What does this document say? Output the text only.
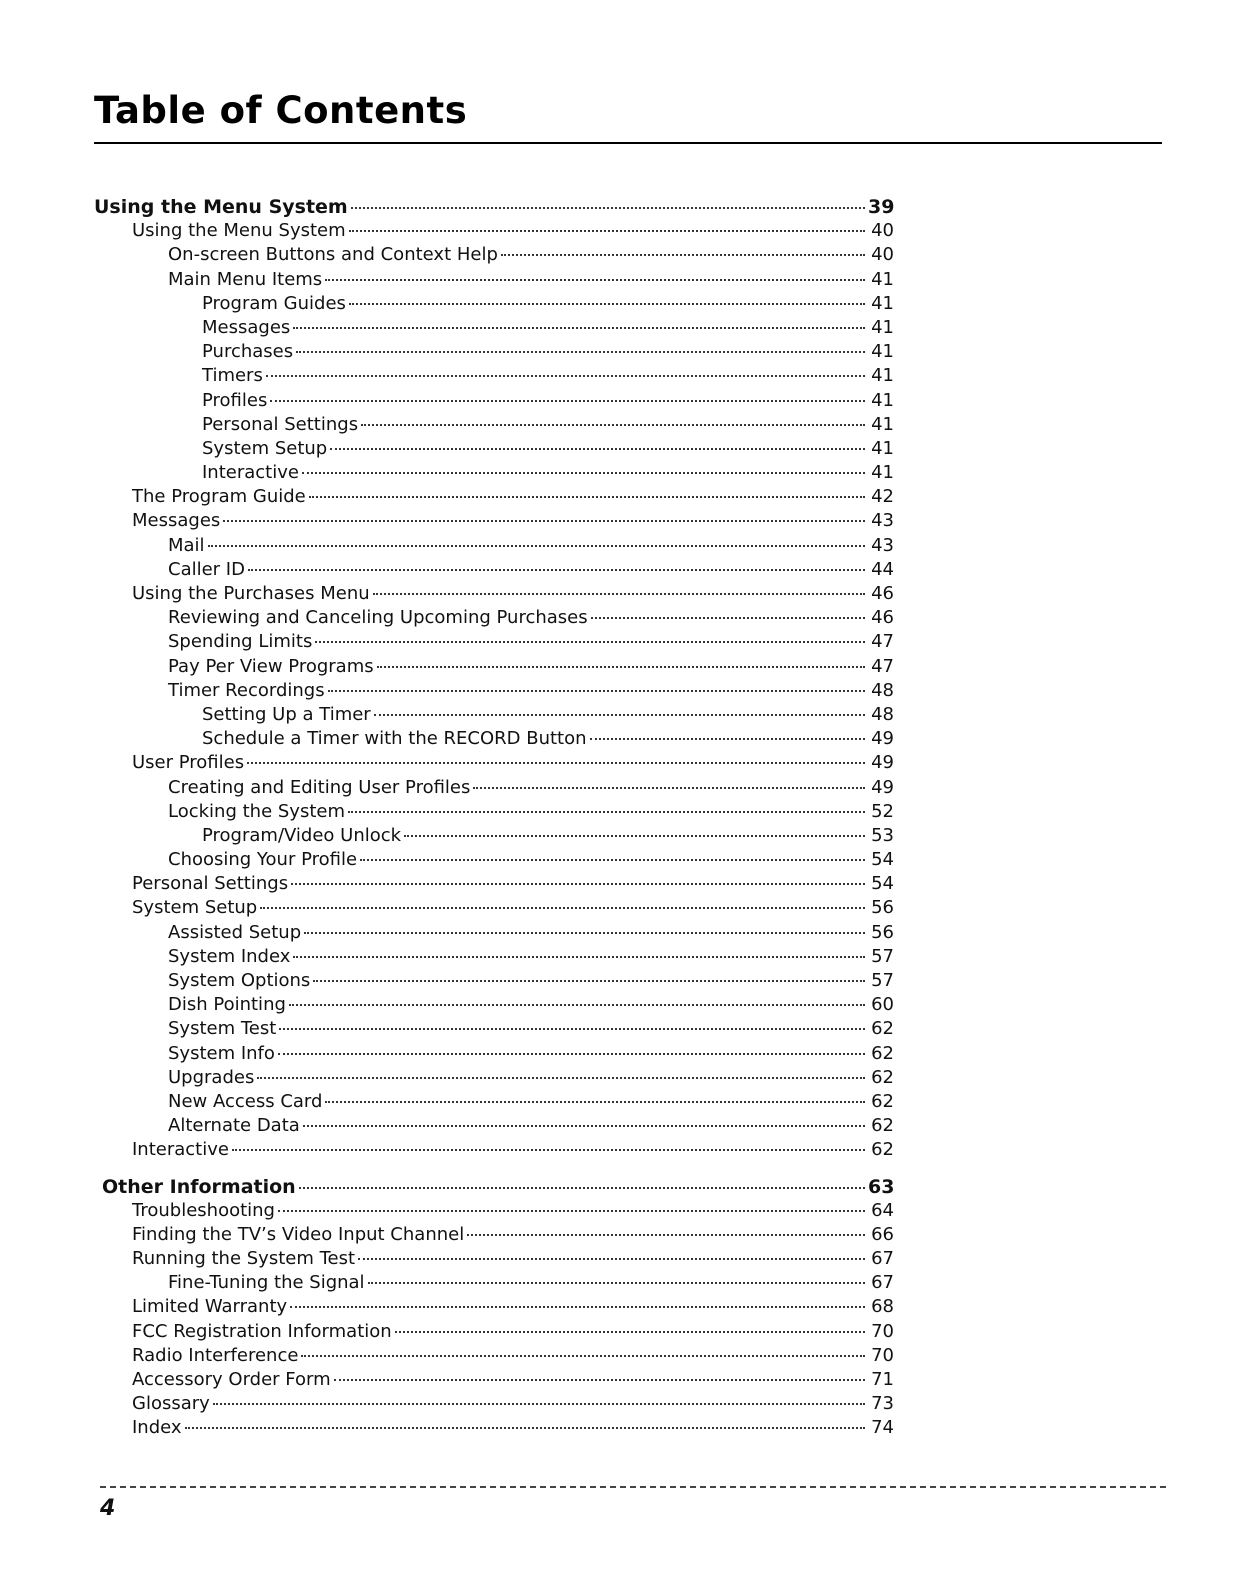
Table of Contents
Using the Menu System	39
Using the Menu System	40
On-screen Buttons and Context Help	40
Main Menu Items	41
Program Guides	41
Messages	41
Purchases	41
Timers	41
Profiles	41
Personal Settings	41
System Setup	41
Interactive	41
The Program Guide	42
Messages	43
Mail	43
Caller ID	44
Using the Purchases Menu	46
Reviewing and Canceling Upcoming Purchases	46
Spending Limits	47
Pay Per View Programs	47
Timer Recordings	48
Setting Up a Timer	48
Schedule a Timer with the RECORD Button	49
User Profiles	49
Creating and Editing User Profiles	49
Locking the System	52
Program/Video Unlock	53
Choosing Your Profile	54
Personal Settings	54
System Setup	56
Assisted Setup	56
System Index	57
System Options	57
Dish Pointing	60
System Test	62
System Info	62
Upgrades	62
New Access Card	62
Alternate Data	62
Interactive	62
Other Information	63
Troubleshooting	64
Finding the TV’s Video Input Channel	66
Running the System Test	67
Fine-Tuning the Signal	67
Limited Warranty	68
FCC Registration Information	70
Radio Interference	70
Accessory Order Form	71
Glossary	73
Index	74
4
